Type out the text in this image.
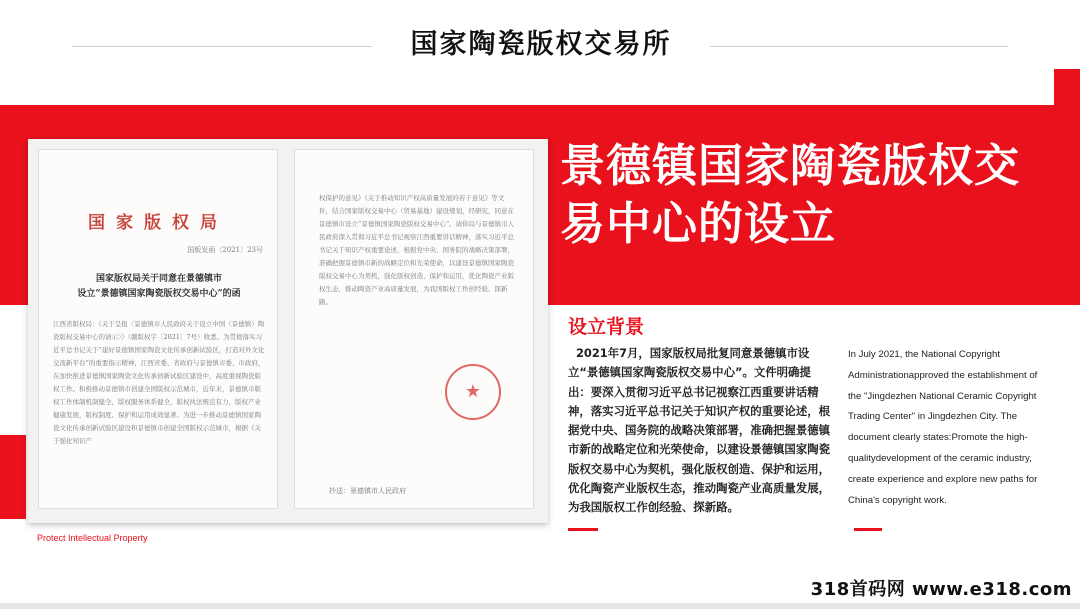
国家陶瓷版权交易所
景德镇国家陶瓷版权交易中心的设立
国家版权局
国版发函〔2021〕23号
国家版权局关于同意在景德镇市
设立“景德镇国家陶瓷版权交易中心”的函
江西省版权局：《关于呈报〈景德镇市人民政府关于设立中国（景德镇）陶瓷版权交易中心的请示〉》（赣版权字〔2021〕7号）收悉。为贯彻落实习近平总书记关于“建好景德镇国家陶瓷文化传承创新试验区，打造对外文化交流新平台”的重要指示精神，江西省委、省政府与景德镇市委、市政府，在加快推进景德镇国家陶瓷文化传承创新试验区建设中，高度重视陶瓷版权工作。积极推动景德镇市创建全国版权示范城市，近年来，景德镇市版权工作体制机制健全，版权服务体系健全，版权执法规范有力，版权产业健康发展，版权制度、保护和运用成效显著。为进一步推动景德镇国家陶瓷文化传承创新试验区建设和景德镇市创建全国版权示范城市，根据《关于强化知识产
权保护的意见》《关于推动知识产权高质量发展的若干意见》等文件，结合国家版权交易中心（贸易基地）建设规划，经研究，同意在景德镇市设立“景德镇国家陶瓷版权交易中心”。请你局与景德镇市人民政府深入贯彻习近平总书记视察江西重要讲话精神，落实习近平总书记关于知识产权重要论述，根据党中央、国务院的战略决策部署，准确把握景德镇市新的战略定位和光荣使命，以建设景德镇国家陶瓷版权交易中心为契机，强化版权创造、保护和运用，优化陶瓷产业版权生态，推动陶瓷产业高质量发展，为我国版权工作创经验、探新路。
★
抄送：景德镇市人民政府

Protect Intellectual Property

设立背景

2021年7月，国家版权局批复同意景德镇市设立“景德镇国家陶瓷版权交易中心”。文件明确提出：要深入贯彻习近平总书记视察江西重要讲话精神，落实习近平总书记关于知识产权的重要论述，根据党中央、国务院的战略决策部署，准确把握景德镇市新的战略定位和光荣使命，以建设景德镇国家陶瓷版权交易中心为契机，强化版权创造、保护和运用，优化陶瓷产业版权生态，推动陶瓷产业高质量发展，为我国版权工作创经验、探新路。

In July 2021, the National Copyright Administrationapproved the establishment of the "Jingdezhen National Ceramic Copyright Trading Center" in Jingdezhen City. The document clearly states:Promote the high-qualitydevelopment of the ceramic industry, create experience and explore new paths for China's copyright work.

318首码网 www.e318.com
